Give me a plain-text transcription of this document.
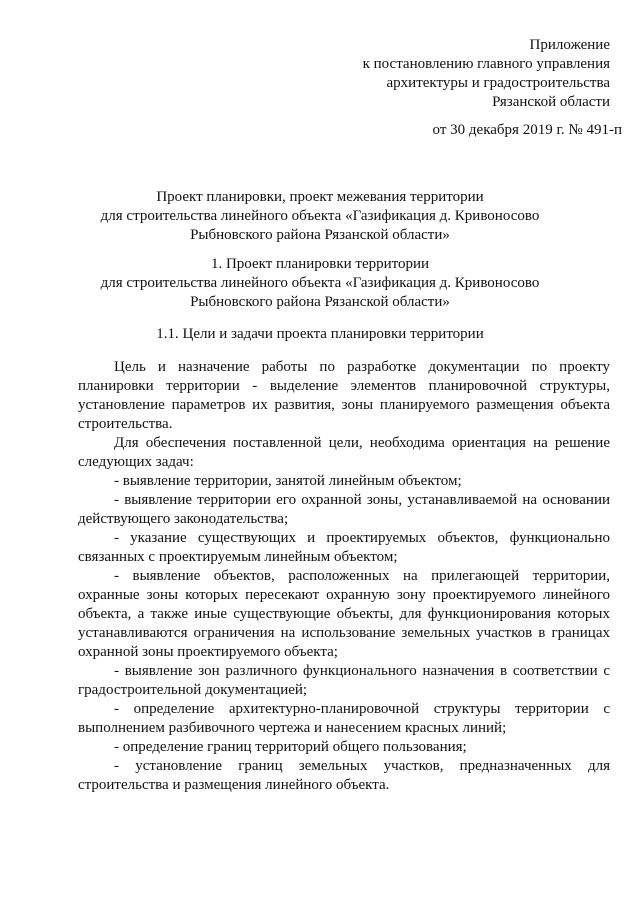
Приложение
к постановлению главного управления
архитектуры и градостроительства
Рязанской области
от 30 декабря 2019 г. № 491-п
Проект планировки, проект межевания территории
для строительства линейного объекта «Газификация д. Кривоносово
Рыбновского района Рязанской области»
1. Проект планировки территории
для строительства линейного объекта «Газификация д. Кривоносово
Рыбновского района Рязанской области»
1.1. Цели и задачи проекта планировки территории

Цель и назначение работы по разработке документации по проекту планировки территории - выделение элементов планировочной структуры, установление параметров их развития, зоны планируемого размещения объекта строительства.

Для обеспечения поставленной цели, необходима ориентация на решение следующих задач:

- выявление территории, занятой линейным объектом;

- выявление территории его охранной зоны, устанавливаемой на основании действующего законодательства;

- указание существующих и проектируемых объектов, функционально связанных с проектируемым линейным объектом;

- выявление объектов, расположенных на прилегающей территории, охранные зоны которых пересекают охранную зону проектируемого линейного объекта, а также иные существующие объекты, для функционирования которых устанавливаются ограничения на использование земельных участков в границах охранной зоны проектируемого объекта;

- выявление зон различного функционального назначения в соответствии с градостроительной документацией;

- определение архитектурно-планировочной структуры территории с выполнением разбивочного чертежа и нанесением красных линий;

- определение границ территорий общего пользования;

- установление границ земельных участков, предназначенных для строительства и размещения линейного объекта.
